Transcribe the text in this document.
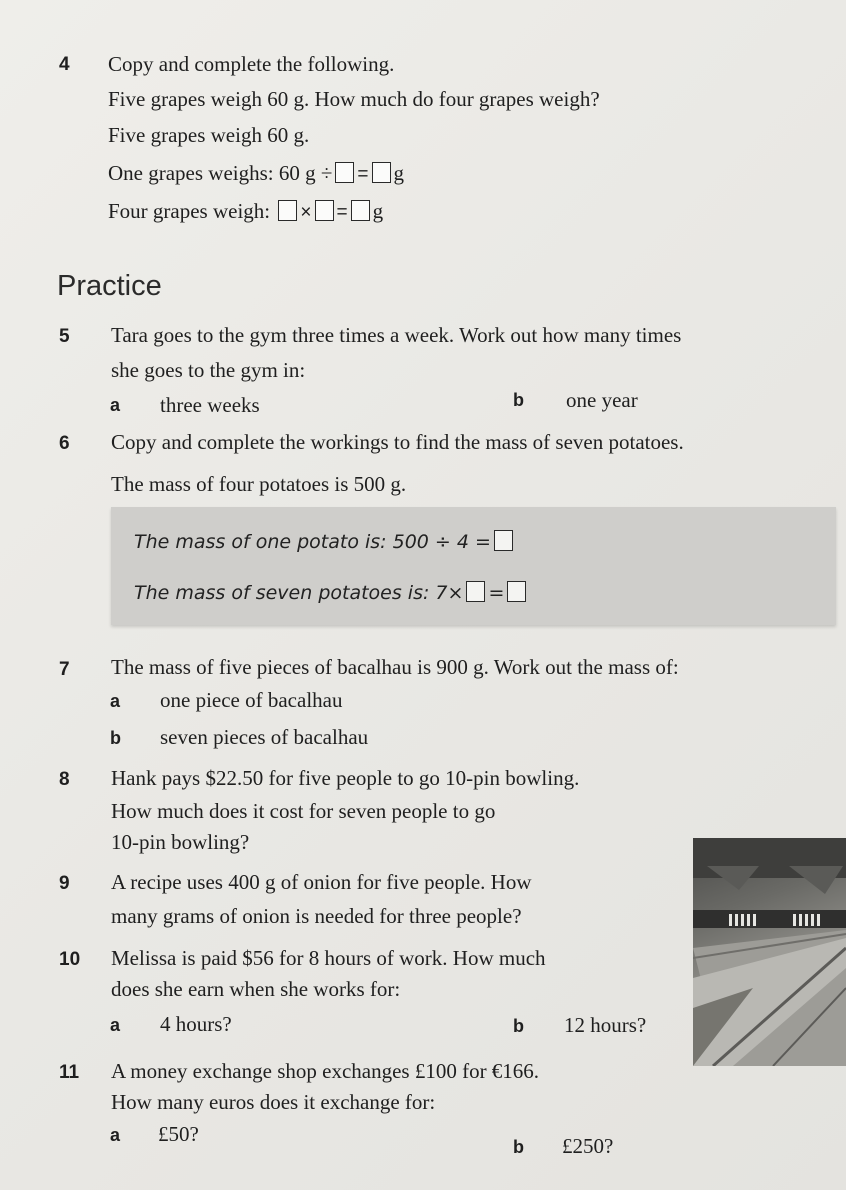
4 Copy and complete the following.
Five grapes weigh 60 g. How much do four grapes weigh?
Five grapes weigh 60 g.
One grapes weighs: 60 g ÷ = g
Four grapes weigh: × = g
Practice
5 Tara goes to the gym three times a week. Work out how many times
she goes to the gym in:
a three weeks	b one year
6 Copy and complete the workings to find the mass of seven potatoes.
The mass of four potatoes is 500 g.
The mass of one potato is: 500 ÷ 4 =
The mass of seven potatoes is: 7× =
7 The mass of five pieces of bacalhau is 900 g. Work out the mass of:
a one piece of bacalhau
b seven pieces of bacalhau
8 Hank pays $22.50 for five people to go 10-pin bowling.
How much does it cost for seven people to go
10-pin bowling?
9 A recipe uses 400 g of onion for five people. How
many grams of onion is needed for three people?
10 Melissa is paid $56 for 8 hours of work. How much
does she earn when she works for:
a 4 hours?	b 12 hours?
11 A money exchange shop exchanges £100 for €166.
How many euros does it exchange for:
a £50?
b £250?
